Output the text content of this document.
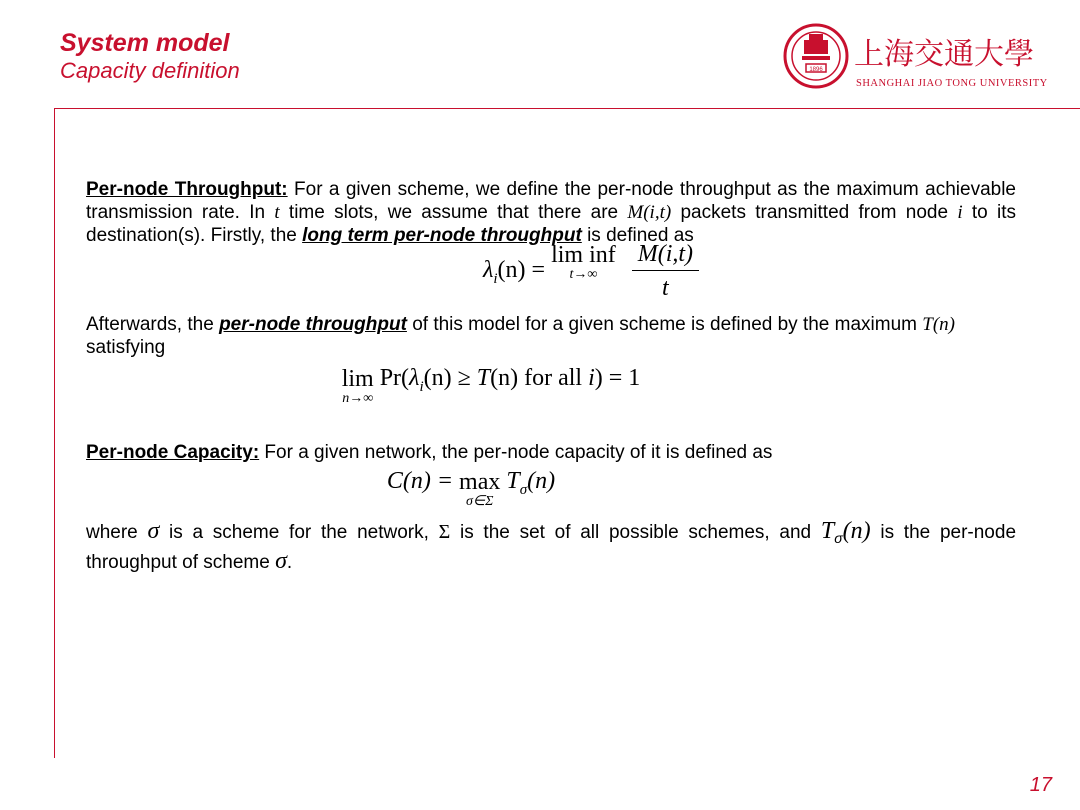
System model
Capacity definition	1896 上海交通大學
SHANGHAI JIAO TONG UNIVERSITY

Per-node Throughput: For a given scheme, we define the per-node throughput as the maximum achievable transmission rate. In t time slots, we assume that there are M(i,t) packets transmitted from node i to its destination(s). Firstly, the long term per-node throughput is defined as

$\lambda_i(n) = \lim$ inf
t→∞
	$\frac{M(i,t)}{t}$

Afterwards, the per-node throughput of this model for a given scheme is defined by the maximum T(n) satisfying

lim
n→∞
$Pr(\lambda_i(n) \ge T(n)$ for all i) = 1

Per-node Capacity: For a given network, the per-node capacity of it is defined as

C(n) = max
σ∈Σ
$T_\sigma(n)$

where σ is a scheme for the network, Σ is the set of all possible schemes, and $T_\sigma(n)$ is the per-node throughput of scheme σ.

17
